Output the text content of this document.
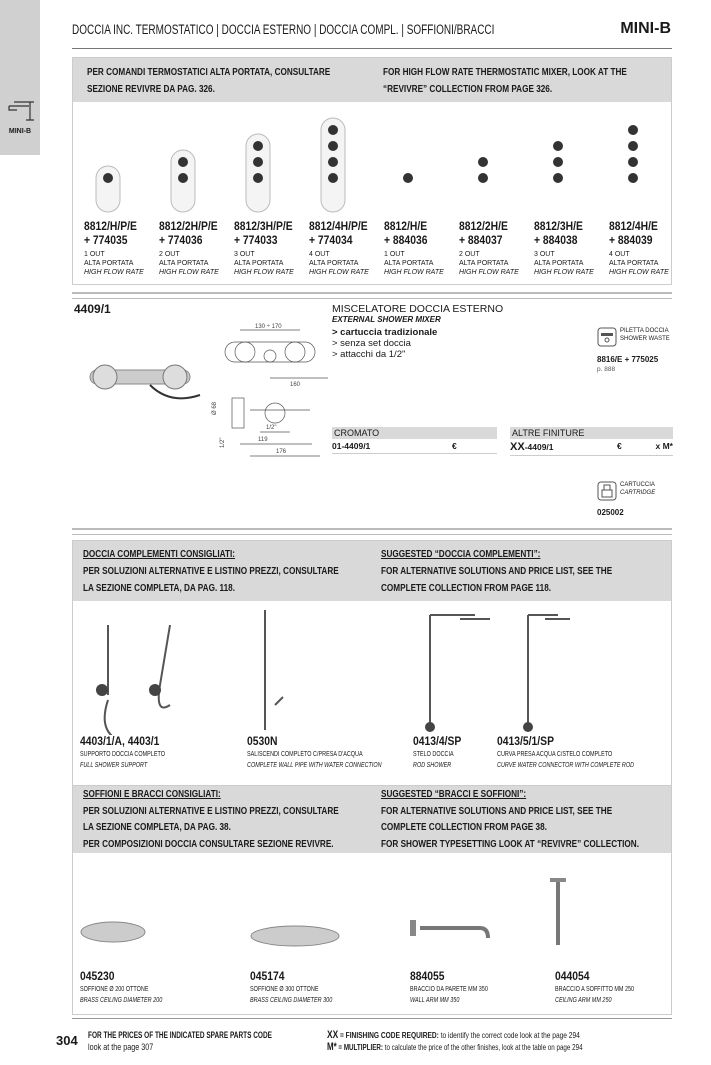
MINI-B
DOCCIA INC. TERMOSTATICO | DOCCIA ESTERNO | DOCCIA COMPL. | SOFFIONI/BRACCI	MINI-B
PER COMANDI TERMOSTATICI ALTA PORTATA, CONSULTARE
SEZIONE REVIVRE DA PAG. 326.
FOR HIGH FLOW RATE THERMOSTATIC MIXER, LOOK AT THE
“REVIVRE” COLLECTION FROM PAGE 326.
8812/H/P/E
+ 774035
1 OUT
ALTA PORTATA
HIGH FLOW RATE
8812/2H/P/E
+ 774036
2 OUT
ALTA PORTATA
HIGH FLOW RATE
8812/3H/P/E
+ 774033
3 OUT
ALTA PORTATA
HIGH FLOW RATE
8812/4H/P/E
+ 774034
4 OUT
ALTA PORTATA
HIGH FLOW RATE
8812/H/E
+ 884036
1 OUT
ALTA PORTATA
HIGH FLOW RATE
8812/2H/E
+ 884037
2 OUT
ALTA PORTATA
HIGH FLOW RATE
8812/3H/E
+ 884038
3 OUT
ALTA PORTATA
HIGH FLOW RATE
8812/4H/E
+ 884039
4 OUT
ALTA PORTATA
HIGH FLOW RATE
4409/1
130 ÷ 170
160
Ø 68
1/2"
119
176
1/2"
MISCELATORE DOCCIA ESTERNO
EXTERNAL SHOWER MIXER
> cartuccia tradizionale
> senza set doccia
> attacchi da 1/2"
PILETTA DOCCIA
SHOWER WASTE
8816/E + 775025
p. 888
CROMATO
01-4409/1	€
ALTRE FINITURE
XX-4409/1	€	x M*
CARTUCCIA
CARTRIDGE
025002
DOCCIA COMPLEMENTI CONSIGLIATI:
PER SOLUZIONI ALTERNATIVE E LISTINO PREZZI, CONSULTARE
LA SEZIONE COMPLETA, DA PAG. 118.
SUGGESTED “DOCCIA COMPLEMENTI”:
FOR ALTERNATIVE SOLUTIONS AND PRICE LIST, SEE THE
COMPLETE COLLECTION FROM PAGE 118.
4403/1/A, 4403/1
SUPPORTO DOCCIA COMPLETO
FULL SHOWER SUPPORT
0530N
SALISCENDI COMPLETO C/PRESA D'ACQUA
COMPLETE WALL PIPE WITH WATER CONNECTION
0413/4/SP
STELO DOCCIA
ROD SHOWER
0413/5/1/SP
CURVA PRESA ACQUA C/STELO COMPLETO
CURVE WATER CONNECTOR WITH COMPLETE ROD
SOFFIONI E BRACCI CONSIGLIATI:
PER SOLUZIONI ALTERNATIVE E LISTINO PREZZI, CONSULTARE
LA SEZIONE COMPLETA, DA PAG. 38.
PER COMPOSIZIONI DOCCIA CONSULTARE SEZIONE REVIVRE.
SUGGESTED “BRACCI E SOFFIONI”:
FOR ALTERNATIVE SOLUTIONS AND PRICE LIST, SEE THE
COMPLETE COLLECTION FROM PAGE 38.
FOR SHOWER TYPESETTING LOOK AT “REVIVRE” COLLECTION.
045230
SOFFIONE Ø 200 OTTONE
BRASS CEILING DIAMETER 200
045174
SOFFIONE Ø 300 OTTONE
BRASS CEILING DIAMETER 300
884055
BRACCIO DA PARETE MM 350
WALL ARM MM 350
044054
BRACCIO A SOFFITTO MM 250
CEILING ARM MM 250
304 FOR THE PRICES OF THE INDICATED SPARE PARTS CODE
look at the page 307
XX = FINISHING CODE REQUIRED: to identify the correct code look at the page 294
M* = MULTIPLIER: to calculate the price of the other finishes, look at the table on page 294
